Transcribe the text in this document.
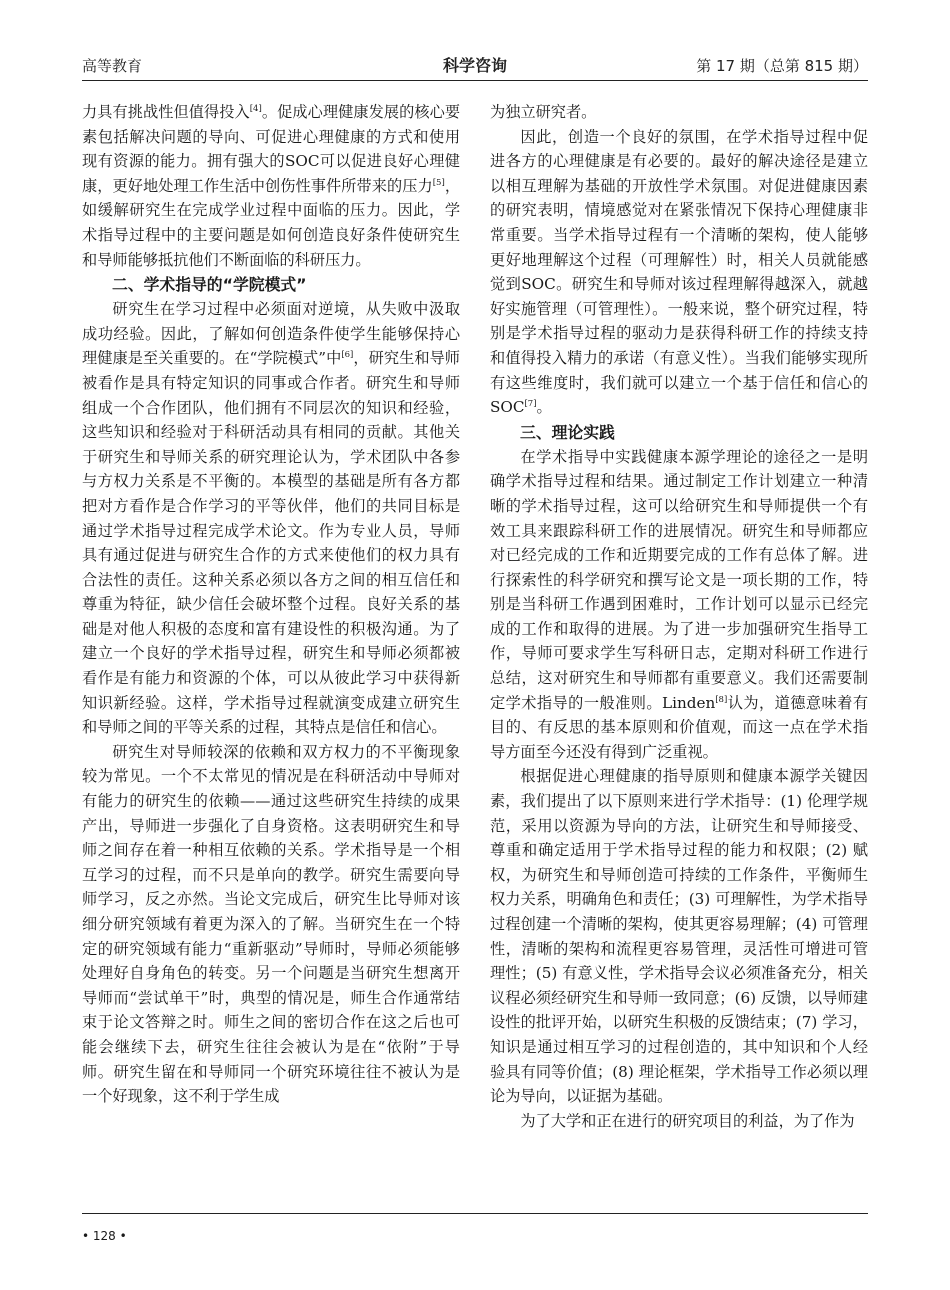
高等教育	科学咨询	第 17 期（总第 815 期）

力具有挑战性但值得投入[4]。促成心理健康发展的核心要素包括解决问题的导向、可促进心理健康的方式和使用现有资源的能力。拥有强大的SOC可以促进良好心理健康，更好地处理工作生活中创伤性事件所带来的压力[5]，如缓解研究生在完成学业过程中面临的压力。因此，学术指导过程中的主要问题是如何创造良好条件使研究生和导师能够抵抗他们不断面临的科研压力。

二、学术指导的“学院模式”

研究生在学习过程中必须面对逆境，从失败中汲取成功经验。因此，了解如何创造条件使学生能够保持心理健康是至关重要的。在“学院模式”中[6]，研究生和导师被看作是具有特定知识的同事或合作者。研究生和导师组成一个合作团队，他们拥有不同层次的知识和经验，这些知识和经验对于科研活动具有相同的贡献。其他关于研究生和导师关系的研究理论认为，学术团队中各参与方权力关系是不平衡的。本模型的基础是所有各方都把对方看作是合作学习的平等伙伴，他们的共同目标是通过学术指导过程完成学术论文。作为专业人员，导师具有通过促进与研究生合作的方式来使他们的权力具有合法性的责任。这种关系必须以各方之间的相互信任和尊重为特征，缺少信任会破坏整个过程。良好关系的基础是对他人积极的态度和富有建设性的积极沟通。为了建立一个良好的学术指导过程，研究生和导师必须都被看作是有能力和资源的个体，可以从彼此学习中获得新知识新经验。这样，学术指导过程就演变成建立研究生和导师之间的平等关系的过程，其特点是信任和信心。

研究生对导师较深的依赖和双方权力的不平衡现象较为常见。一个不太常见的情况是在科研活动中导师对有能力的研究生的依赖——通过这些研究生持续的成果产出，导师进一步强化了自身资格。这表明研究生和导师之间存在着一种相互依赖的关系。学术指导是一个相互学习的过程，而不只是单向的教学。研究生需要向导师学习，反之亦然。当论文完成后，研究生比导师对该细分研究领域有着更为深入的了解。当研究生在一个特定的研究领域有能力“重新驱动”导师时，导师必须能够处理好自身角色的转变。另一个问题是当研究生想离开导师而“尝试单干”时，典型的情况是，师生合作通常结束于论文答辩之时。师生之间的密切合作在这之后也可能会继续下去，研究生往往会被认为是在“依附”于导师。研究生留在和导师同一个研究环境往往不被认为是一个好现象，这不利于学生成

为独立研究者。

因此，创造一个良好的氛围，在学术指导过程中促进各方的心理健康是有必要的。最好的解决途径是建立以相互理解为基础的开放性学术氛围。对促进健康因素的研究表明，情境感觉对在紧张情况下保持心理健康非常重要。当学术指导过程有一个清晰的架构，使人能够更好地理解这个过程（可理解性）时，相关人员就能感觉到SOC。研究生和导师对该过程理解得越深入，就越好实施管理（可管理性）。一般来说，整个研究过程，特别是学术指导过程的驱动力是获得科研工作的持续支持和值得投入精力的承诺（有意义性）。当我们能够实现所有这些维度时，我们就可以建立一个基于信任和信心的SOC[7]。

三、理论实践

在学术指导中实践健康本源学理论的途径之一是明确学术指导过程和结果。通过制定工作计划建立一种清晰的学术指导过程，这可以给研究生和导师提供一个有效工具来跟踪科研工作的进展情况。研究生和导师都应对已经完成的工作和近期要完成的工作有总体了解。进行探索性的科学研究和撰写论文是一项长期的工作，特别是当科研工作遇到困难时，工作计划可以显示已经完成的工作和取得的进展。为了进一步加强研究生指导工作，导师可要求学生写科研日志，定期对科研工作进行总结，这对研究生和导师都有重要意义。我们还需要制定学术指导的一般准则。Linden[8]认为，道德意味着有目的、有反思的基本原则和价值观，而这一点在学术指导方面至今还没有得到广泛重视。

根据促进心理健康的指导原则和健康本源学关键因素，我们提出了以下原则来进行学术指导：(1) 伦理学规范，采用以资源为导向的方法，让研究生和导师接受、尊重和确定适用于学术指导过程的能力和权限；(2) 赋权，为研究生和导师创造可持续的工作条件，平衡师生权力关系，明确角色和责任；(3) 可理解性，为学术指导过程创建一个清晰的架构，使其更容易理解；(4) 可管理性，清晰的架构和流程更容易管理，灵活性可增进可管理性；(5) 有意义性，学术指导会议必须准备充分，相关议程必须经研究生和导师一致同意；(6) 反馈，以导师建设性的批评开始，以研究生积极的反馈结束；(7) 学习，知识是通过相互学习的过程创造的，其中知识和个人经验具有同等价值；(8) 理论框架，学术指导工作必须以理论为导向，以证据为基础。

为了大学和正在进行的研究项目的利益，为了作为

• 128 •
